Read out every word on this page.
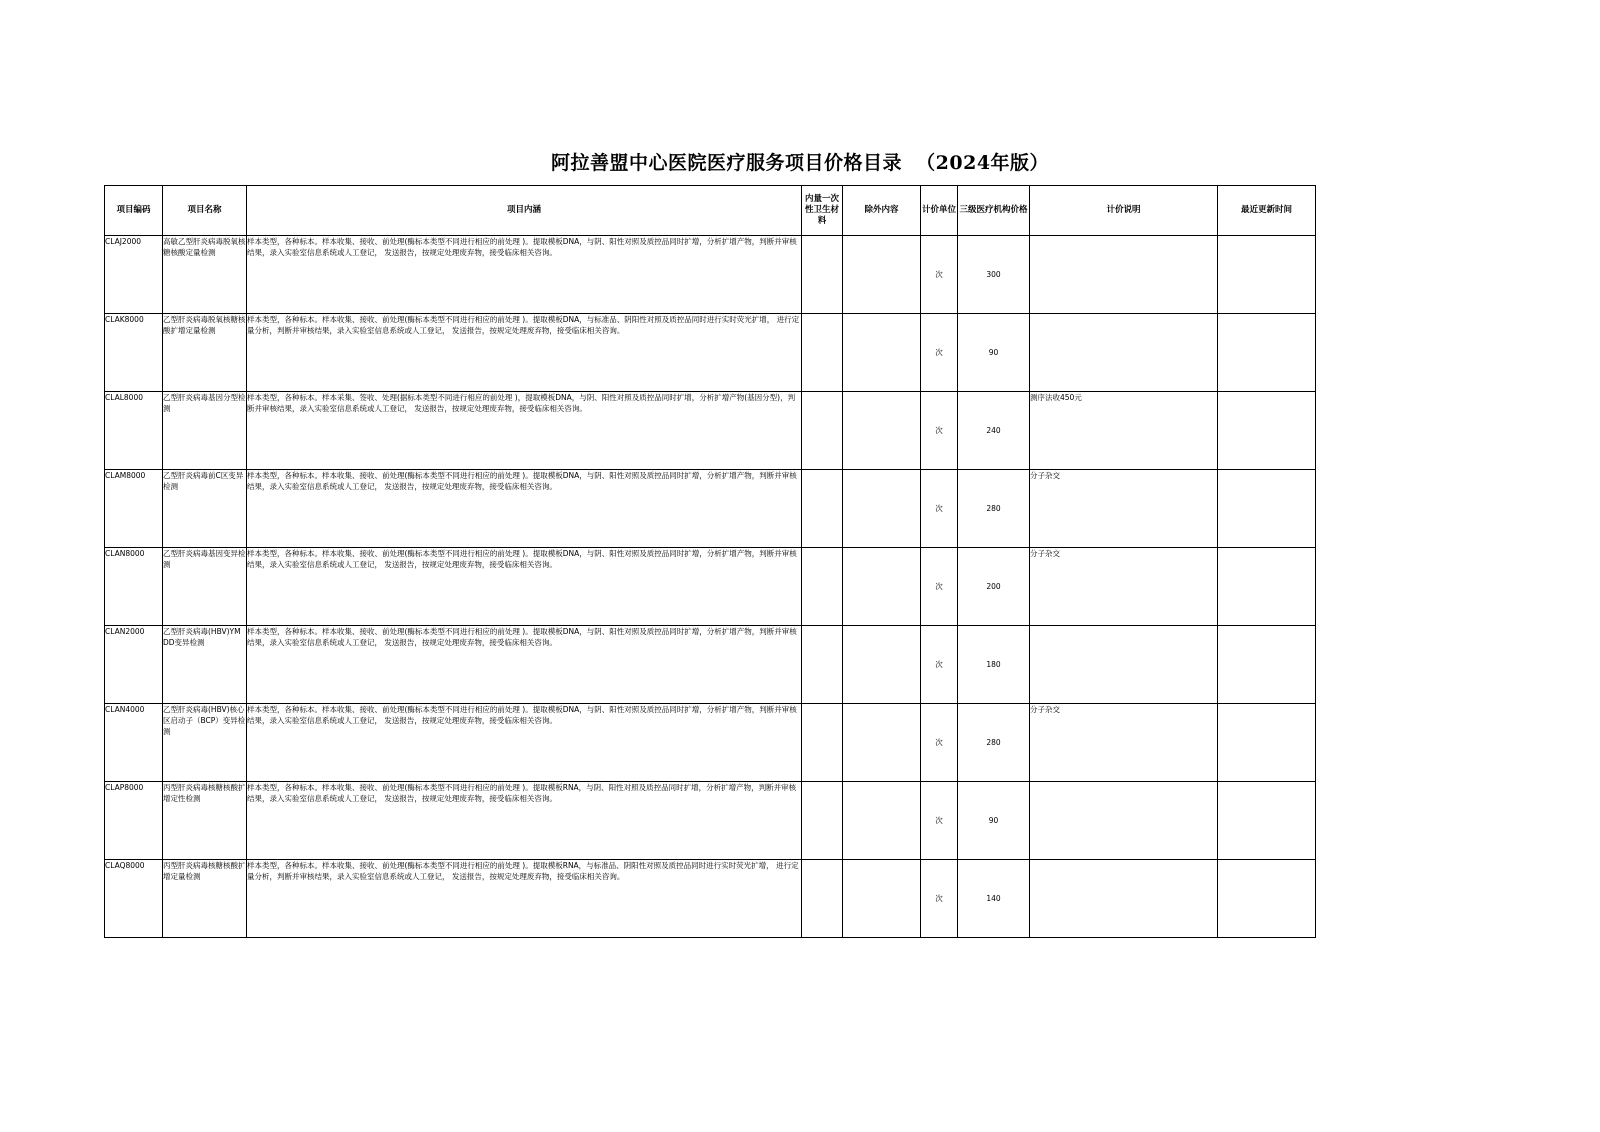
阿拉善盟中心医院医疗服务项目价格目录  （2024年版）
项目编码	项目名称	项目内涵	内量一次性卫生材料	除外内容	计价单位	三级医疗机构价格	计价说明	最近更新时间
CLAJ2000	高敏乙型肝炎病毒脱氧核糖核酸定量检测	样本类型，各种标本。样本收集、接收、前处理(酶标本类型不同进行相应的前处理 )。提取模板DNA，与阴、阳性对照及质控品同时扩增，分析扩增产物，判断并审核结果，录入实验室信息系统或人工登记， 发送报告，按规定处理废弃物，接受临床相关咨询。			次	300		
CLAK8000	乙型肝炎病毒脱氧核糖核酸扩增定量检测	样本类型，各种标本。样本收集、接收、前处理(酶标本类型不同进行相应的前处理 )。提取模板DNA，与标准品、阴阳性对照及质控品同时进行实时荧光扩增， 进行定量分析，判断并审核结果，录入实验室信息系统或人工登记， 发送报告，按规定处理废弃物，接受临床相关咨询。			次	90		
CLAL8000	乙型肝炎病毒基因分型检测	样本类型，各种标本。样本采集、签收、处理(据标本类型不同进行相应的前处理 )，提取模板DNA，与阴、阳性对照及质控品同时扩增，分析扩增产物(基因分型)，判断并审核结果，录入实验室信息系统或人工登记， 发送报告，按规定处理废弃物，接受临床相关咨询。			次	240	测序法收450元	
CLAM8000	乙型肝炎病毒前C区变异检测	样本类型，各种标本。样本收集、接收、前处理(酶标本类型不同进行相应的前处理 )。提取模板DNA，与阴、阳性对照及质控品同时扩增，分析扩增产物，判断并审核结果，录入实验室信息系统或人工登记， 发送报告，按规定处理废弃物，接受临床相关咨询。			次	280	分子杂交	
CLAN8000	乙型肝炎病毒基因变异检测	样本类型，各种标本。样本收集、接收、前处理(酶标本类型不同进行相应的前处理 )。提取模板DNA，与阴、阳性对照及质控品同时扩增，分析扩增产物，判断并审核结果，录入实验室信息系统或人工登记， 发送报告，按规定处理废弃物，接受临床相关咨询。			次	200	分子杂交	
CLAN2000	乙型肝炎病毒(HBV)YMDD变异检测	样本类型，各种标本。样本收集、接收、前处理(酶标本类型不同进行相应的前处理 )。提取模板DNA，与阴、阳性对照及质控品同时扩增，分析扩增产物，判断并审核结果，录入实验室信息系统或人工登记， 发送报告，按规定处理废弃物，接受临床相关咨询。			次	180		
CLAN4000	乙型肝炎病毒(HBV)核心区启动子（BCP）变异检测	样本类型，各种标本。样本收集、接收、前处理(酶标本类型不同进行相应的前处理 )。提取模板DNA，与阴、阳性对照及质控品同时扩增，分析扩增产物，判断并审核结果，录入实验室信息系统或人工登记， 发送报告，按规定处理废弃物，接受临床相关咨询。			次	280	分子杂交	
CLAP8000	丙型肝炎病毒核糖核酸扩增定性检测	样本类型，各种标本。样本收集、接收、前处理(酶标本类型不同进行相应的前处理 )。提取模板RNA，与阴、阳性对照及质控品同时扩增，分析扩增产物，判断并审核结果，录入实验室信息系统或人工登记， 发送报告，按规定处理废弃物，接受临床相关咨询。			次	90		
CLAQ8000	丙型肝炎病毒核糖核酸扩增定量检测	样本类型，各种标本。样本收集、接收、前处理(酶标本类型不同进行相应的前处理 )。提取模板RNA，与标准品、阴阳性对照及质控品同时进行实时荧光扩增， 进行定量分析，判断并审核结果，录入实验室信息系统或人工登记， 发送报告，按规定处理废弃物，接受临床相关咨询。			次	140		
